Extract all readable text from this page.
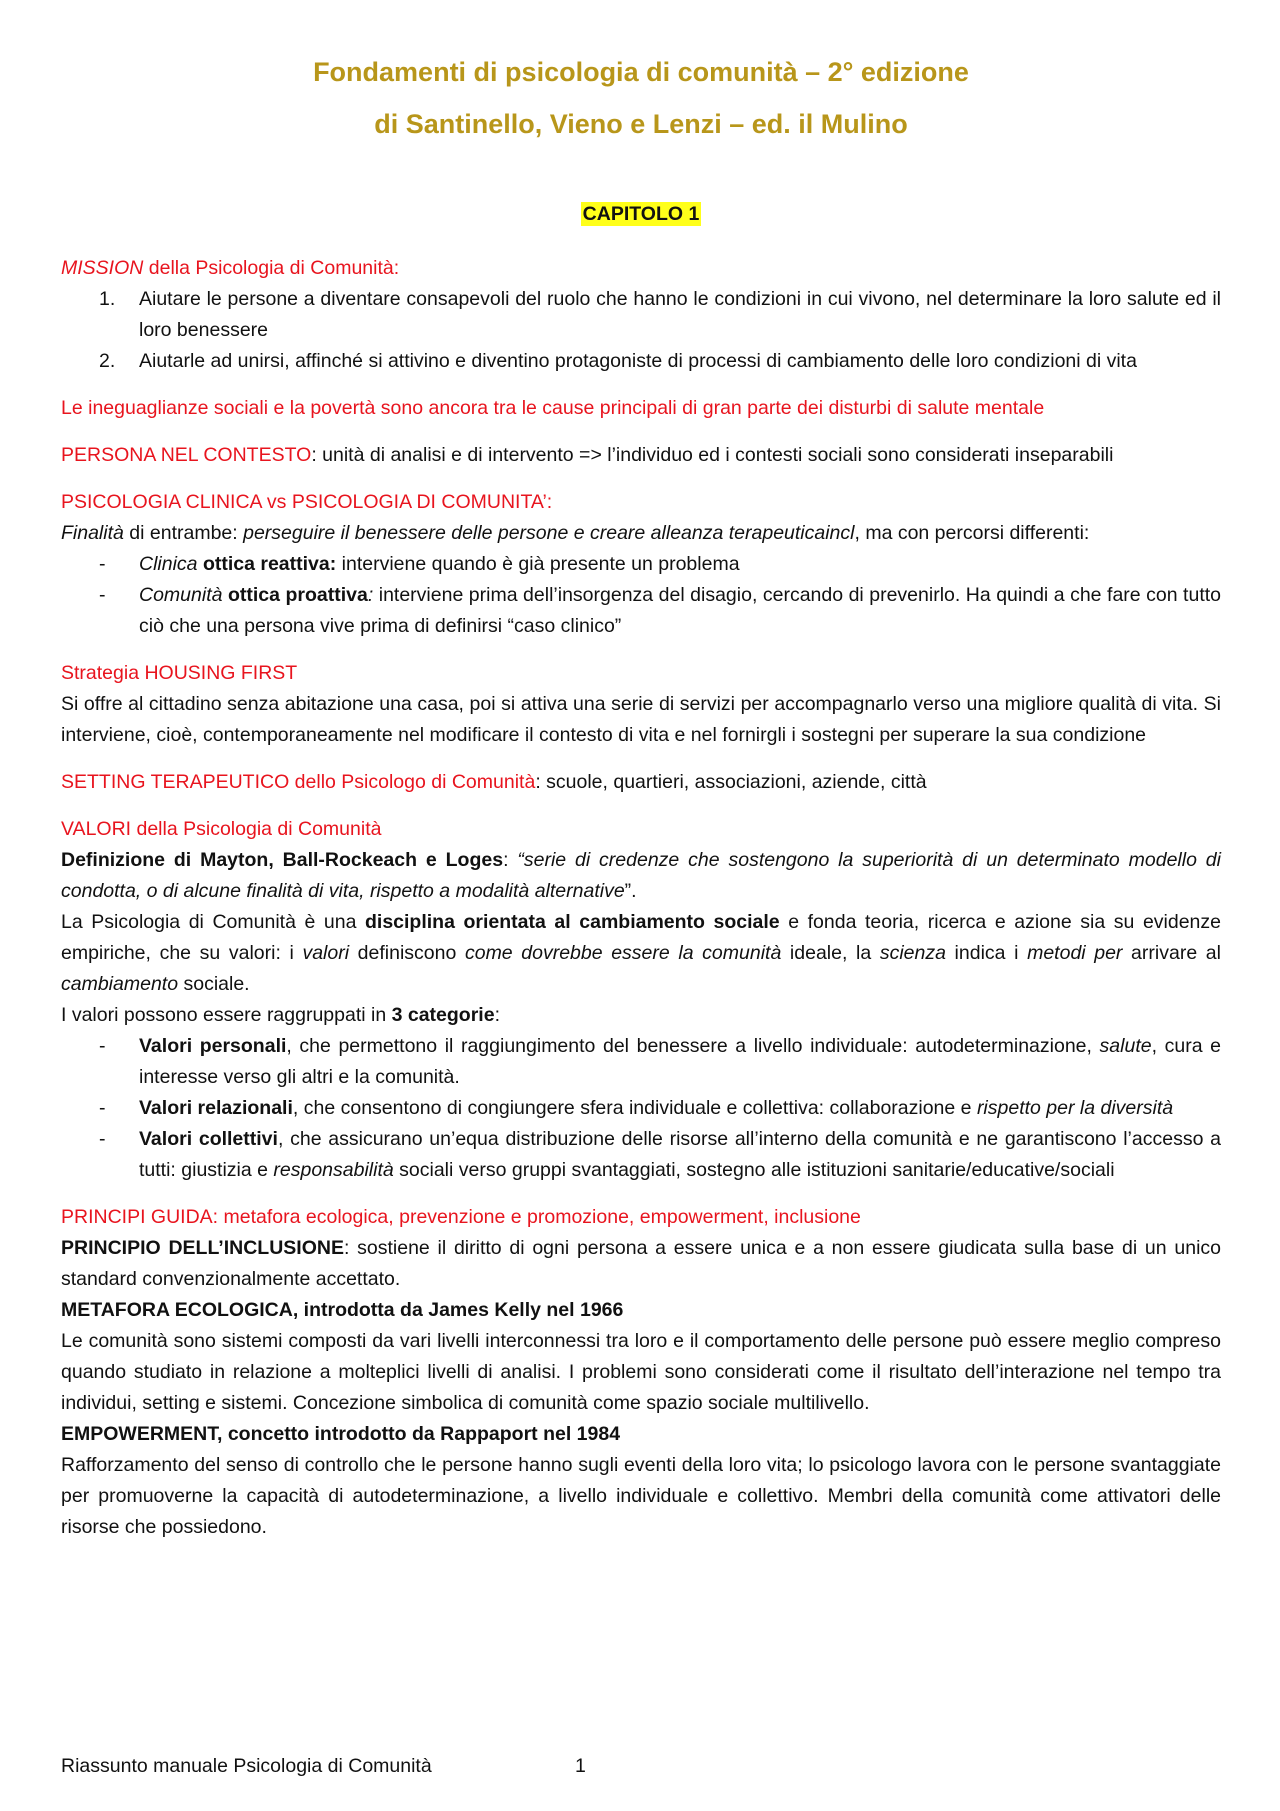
Fondamenti di psicologia di comunità – 2° edizione
di Santinello, Vieno e Lenzi – ed. il Mulino
CAPITOLO 1

MISSION della Psicologia di Comunità:

1. Aiutare le persone a diventare consapevoli del ruolo che hanno le condizioni in cui vivono, nel determinare la loro salute ed il loro benessere
2. Aiutarle ad unirsi, affinché si attivino e diventino protagoniste di processi di cambiamento delle loro condizioni di vita

Le ineguaglianze sociali e la povertà sono ancora tra le cause principali di gran parte dei disturbi di salute mentale

PERSONA NEL CONTESTO: unità di analisi e di intervento => l’individuo ed i contesti sociali sono considerati inseparabili

PSICOLOGIA CLINICA vs PSICOLOGIA DI COMUNITA’:

Finalità di entrambe: perseguire il benessere delle persone e creare alleanza terapeuticaincl, ma con percorsi differenti:

- Clinica ottica reattiva: interviene quando è già presente un problema
- Comunità ottica proattiva: interviene prima dell’insorgenza del disagio, cercando di prevenirlo. Ha quindi a che fare con tutto ciò che una persona vive prima di definirsi “caso clinico”

Strategia HOUSING FIRST

Si offre al cittadino senza abitazione una casa, poi si attiva una serie di servizi per accompagnarlo verso una migliore qualità di vita. Si interviene, cioè, contemporaneamente nel modificare il contesto di vita e nel fornirgli i sostegni per superare la sua condizione

SETTING TERAPEUTICO dello Psicologo di Comunità: scuole, quartieri, associazioni, aziende, città

VALORI della Psicologia di Comunità

Definizione di Mayton, Ball-Rockeach e Loges: “serie di credenze che sostengono la superiorità di un determinato modello di condotta, o di alcune finalità di vita, rispetto a modalità alternative”.

La Psicologia di Comunità è una disciplina orientata al cambiamento sociale e fonda teoria, ricerca e azione sia su evidenze empiriche, che su valori: i valori definiscono come dovrebbe essere la comunità ideale, la scienza indica i metodi per arrivare al cambiamento sociale.

I valori possono essere raggruppati in 3 categorie:

- Valori personali, che permettono il raggiungimento del benessere a livello individuale: autodeterminazione, salute, cura e interesse verso gli altri e la comunità.
- Valori relazionali, che consentono di congiungere sfera individuale e collettiva: collaborazione e rispetto per la diversità
- Valori collettivi, che assicurano un’equa distribuzione delle risorse all’interno della comunità e ne garantiscono l’accesso a tutti: giustizia e responsabilità sociali verso gruppi svantaggiati, sostegno alle istituzioni sanitarie/educative/sociali

PRINCIPI GUIDA: metafora ecologica, prevenzione e promozione, empowerment, inclusione

PRINCIPIO DELL’INCLUSIONE: sostiene il diritto di ogni persona a essere unica e a non essere giudicata sulla base di un unico standard convenzionalmente accettato.

METAFORA ECOLOGICA, introdotta da James Kelly nel 1966

Le comunità sono sistemi composti da vari livelli interconnessi tra loro e il comportamento delle persone può essere meglio compreso quando studiato in relazione a molteplici livelli di analisi. I problemi sono considerati come il risultato dell’interazione nel tempo tra individui, setting e sistemi. Concezione simbolica di comunità come spazio sociale multilivello.

EMPOWERMENT, concetto introdotto da Rappaport nel 1984

Rafforzamento del senso di controllo che le persone hanno sugli eventi della loro vita; lo psicologo lavora con le persone svantaggiate per promuoverne la capacità di autodeterminazione, a livello individuale e collettivo. Membri della comunità come attivatori delle risorse che possiedono.

Riassunto manuale Psicologia di Comunità	1
